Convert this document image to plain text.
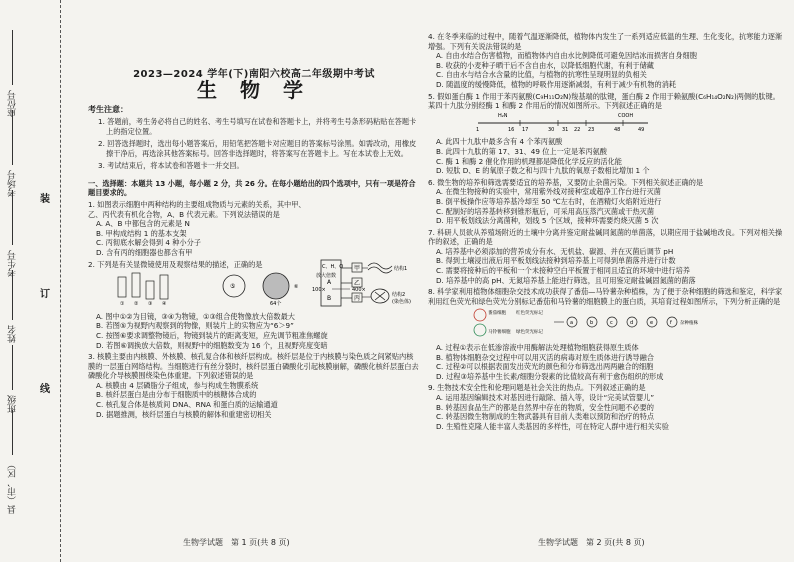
座位号
考场号
考生号
姓名
班级
县（市、区）
装
订
线
2023—2024 学年(下)南阳六校高二年级期中考试
生 物 学
考生注意：

1. 答题前，考生务必将自己的姓名、考生号填写在试卷和答题卡上，并将考生号条形码粘贴在答题卡上的指定位置。

2. 回答选择题时，选出每小题答案后，用铅笔把答题卡对应题目的答案标号涂黑。如需改动，用橡皮擦干净后，再选涂其他答案标号。回答非选择题时，将答案写在答题卡上。写在本试卷上无效。

3. 考试结束后，将本试卷和答题卡一并交回。

一、选择题：本题共 13 小题，每小题 2 分，共 26 分。在每小题给出的四个选项中，只有一项是符合题目要求的。
1. 如图表示细胞中两种结构的主要组成物质与元素的关系，其中甲、乙、丙代表有机化合物，A、B 代表元素。下列说法错误的是
A. A、B 中都包含的元素是 N
B. 甲构成结构 1 的基本支架
C. 丙彻底水解会得到 4 种小分子
D. 含有丙的细胞器也都含有甲
C、H、O
A
B
甲
乙
丙
结构1
结构2
(染色体)
2. 下列是有关显微镜使用及观察结果的描述，正确的是
① ② ③ ④
⑤
64个
⑥
放大倍数
100×	400×
A. 图中①②为目镜，③④为物镜，①③组合使物像放大倍数最大
B. 若图⑤为视野内观察到的物像，则装片上的实物应为“6＞9”
C. 按图⑥要求调整物镜后，物镜到装片的距离变短，应先调节粗准焦螺旋
D. 若图⑥调换放大倍数，则视野中的细胞数变为 16 个，且视野亮度变暗
3. 核膜主要由内核膜、外核膜、核孔复合体和核纤层构成。核纤层是位于内核膜与染色质之间紧贴内核膜的一层蛋白网络结构。当细胞进行有丝分裂时，核纤层蛋白磷酸化引起核膜崩解，磷酸化核纤层蛋白去磷酸化介导核膜围绕染色体重建。下列叙述错误的是
A. 核膜由 4 层磷脂分子组成，参与构成生物膜系统
B. 核纤层蛋白是由分布于细胞质中的核糖体合成的
C. 核孔复合体是核质间 DNA、RNA 和蛋白质的运输通道
D. 据题推测，核纤层蛋白与核膜的解体和重建密切相关
生物学试题　第 1 页(共 8 页)
4. 在冬季来临的过程中，随着气温逐渐降低，植物体内发生了一系列适应低温的生理、生化变化，抗寒能力逐渐增强。下列有关说法错误的是
A. 自由水结合伤害植物，而植物体内自由水比例降低可避免因结冰而损害自身细胞
B. 收获的小麦种子晒干后不含自由水，以降低细胞代谢，有利于储藏
C. 自由水与结合水含量的比值，与植物的抗寒性呈现明显的负相关
D. 随温度的缓慢降低，植物的呼吸作用逐渐减弱，有利于减少有机物的消耗
5. 假如蛋白酶 1 作用于苯丙氨酸(C₉H₁₁O₂N)羧基端的肽键，蛋白酶 2 作用于赖氨酸(C₆H₁₄O₂N₂)两侧的肽键。某四十九肽分别经酶 1 和酶 2 作用后的情况如图所示。下列叙述正确的是
H₂N	COOH
1	16 17	30 31 22 23	48	49
A. 此四十九肽中最多含有 4 个苯丙氨酸
B. 此四十九肽的第 17、31、49 位上一定是苯丙氨酸
C. 酶 1 和酶 2 催化作用的机理都是降低化学反应的活化能
D. 短肽 D、E 的氧原子数之和与四十九肽的氧原子数相比增加 1 个
6. 微生物的培养和筛选需要适宜的培养基，又要防止杂菌污染。下列相关叙述正确的是
A. 在微生物接种的实验中，常用紫外线对接种室或超净工作台进行灭菌
B. 倒平板操作应等培养基冷却至 50 ℃左右时，在酒精灯火焰附近进行
C. 配制好的培养基转移到锥形瓶后，可采用高压蒸汽灭菌或干热灭菌
D. 用平板划线法分离菌种，划线 5 个区域，接种环需要灼烧灭菌 5 次
7. 科研人员欲从养殖场附近的土壤中分离并鉴定耐盐碱同氮菌的单菌落，以期应用于盐碱地改良。下列对相关操作的叙述，正确的是
A. 培养基中必须添加的营养成分有水、无机盐、碳源、并在灭菌后调节 pH
B. 得到土壤浸出液后用平板划线法接种到培养基上可得到单菌落并进行计数
C. 需要将接种后的平板和一个未接种空白平板置于相同且适宜的环境中进行培养
D. 培养基中的高 pH、无氮培养基上能进行筛选，且可用鉴定耐盐碱固氮菌的菌落
8. 科学家利用植物体细胞杂交技术成功获得了番茄—马铃薯杂种植株，为了便于杂种细胞的筛选和鉴定，科学家利用红色荧光和绿色荧光分别标记番茄和马铃薯的细胞膜上的蛋白质，其培育过程如图所示，下列分析正确的是
番茄细胞
马铃薯细胞
红色荧光标记
绿色荧光标记
a	b	c	d	e	f 杂种植株
A. 过程①表示在低渗溶液中用酶解法处理植物细胞获得原生质体
B. 植物体细胞杂交过程中可以用灭活的病毒对原生质体进行诱导融合
C. 过程②可以根据表面发出荧光的颜色和分布筛选出两两融合的细胞
D. 过程③培养基中生长素/细胞分裂素的比值较高有利于愈伤组织的形成
9. 生物技术安全性和伦理问题是社会关注的热点。下列叙述正确的是
A. 运用基因编辑技术对基因进行敲除、插入等，设计“完美试管婴儿”
B. 转基因食品生产的都是自然界中存在的物质，安全性问题不必要的
C. 转基因微生物制成的生物武器具有目前人类难以预防和治疗的特点
D. 生殖性克隆人能丰富人类基因的多样性，可在特定人群中进行相关实验
生物学试题　第 2 页(共 8 页)
